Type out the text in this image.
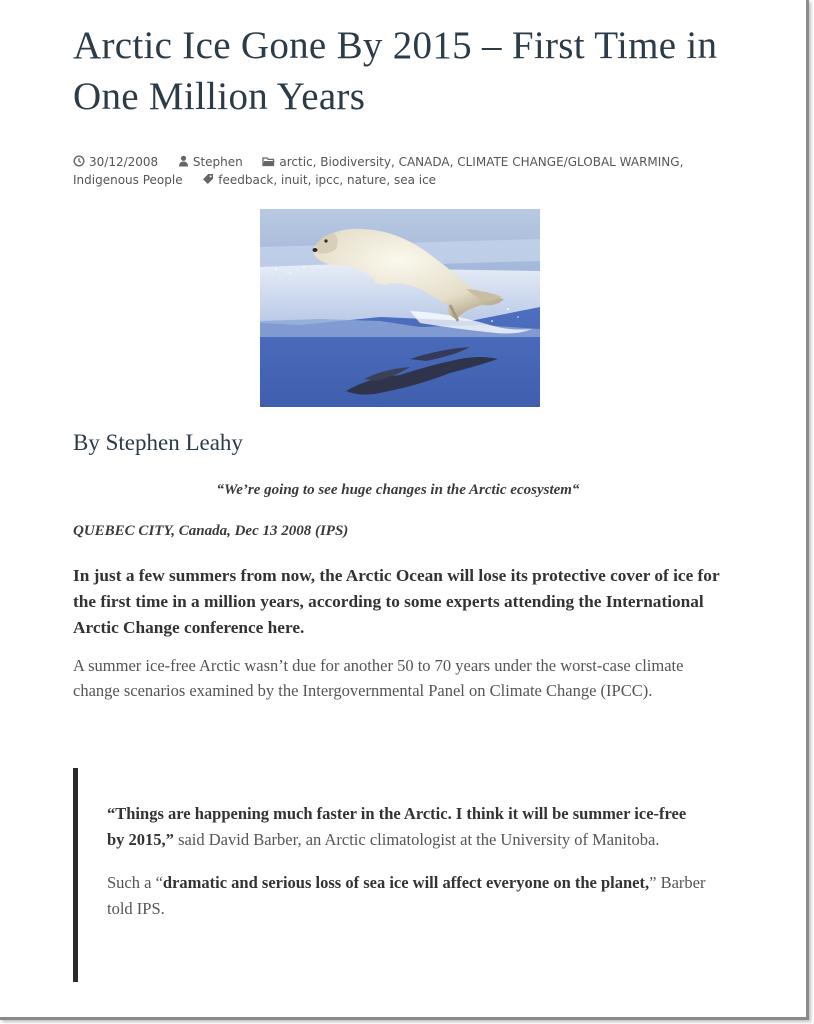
Arctic Ice Gone By 2015 – First Time in One Million Years
30/12/2008	Stephen	arctic, Biodiversity, CANADA, CLIMATE CHANGE/GLOBAL WARMING, Indigenous People	feedback, inuit, ipcc, nature, sea ice
By Stephen Leahy
“We’re going to see huge changes in the Arctic ecosystem“
QUEBEC CITY, Canada, Dec 13 2008 (IPS)
In just a few summers from now, the Arctic Ocean will lose its protective cover of ice for the first time in a million years, according to some experts attending the International Arctic Change conference here.
A summer ice-free Arctic wasn’t due for another 50 to 70 years under the worst-case climate change scenarios examined by the Intergovernmental Panel on Climate Change (IPCC).
“Things are happening much faster in the Arctic. I think it will be summer ice-free by 2015,” said David Barber, an Arctic climatologist at the University of Manitoba.
Such a “dramatic and serious loss of sea ice will affect everyone on the planet,” Barber told IPS.
